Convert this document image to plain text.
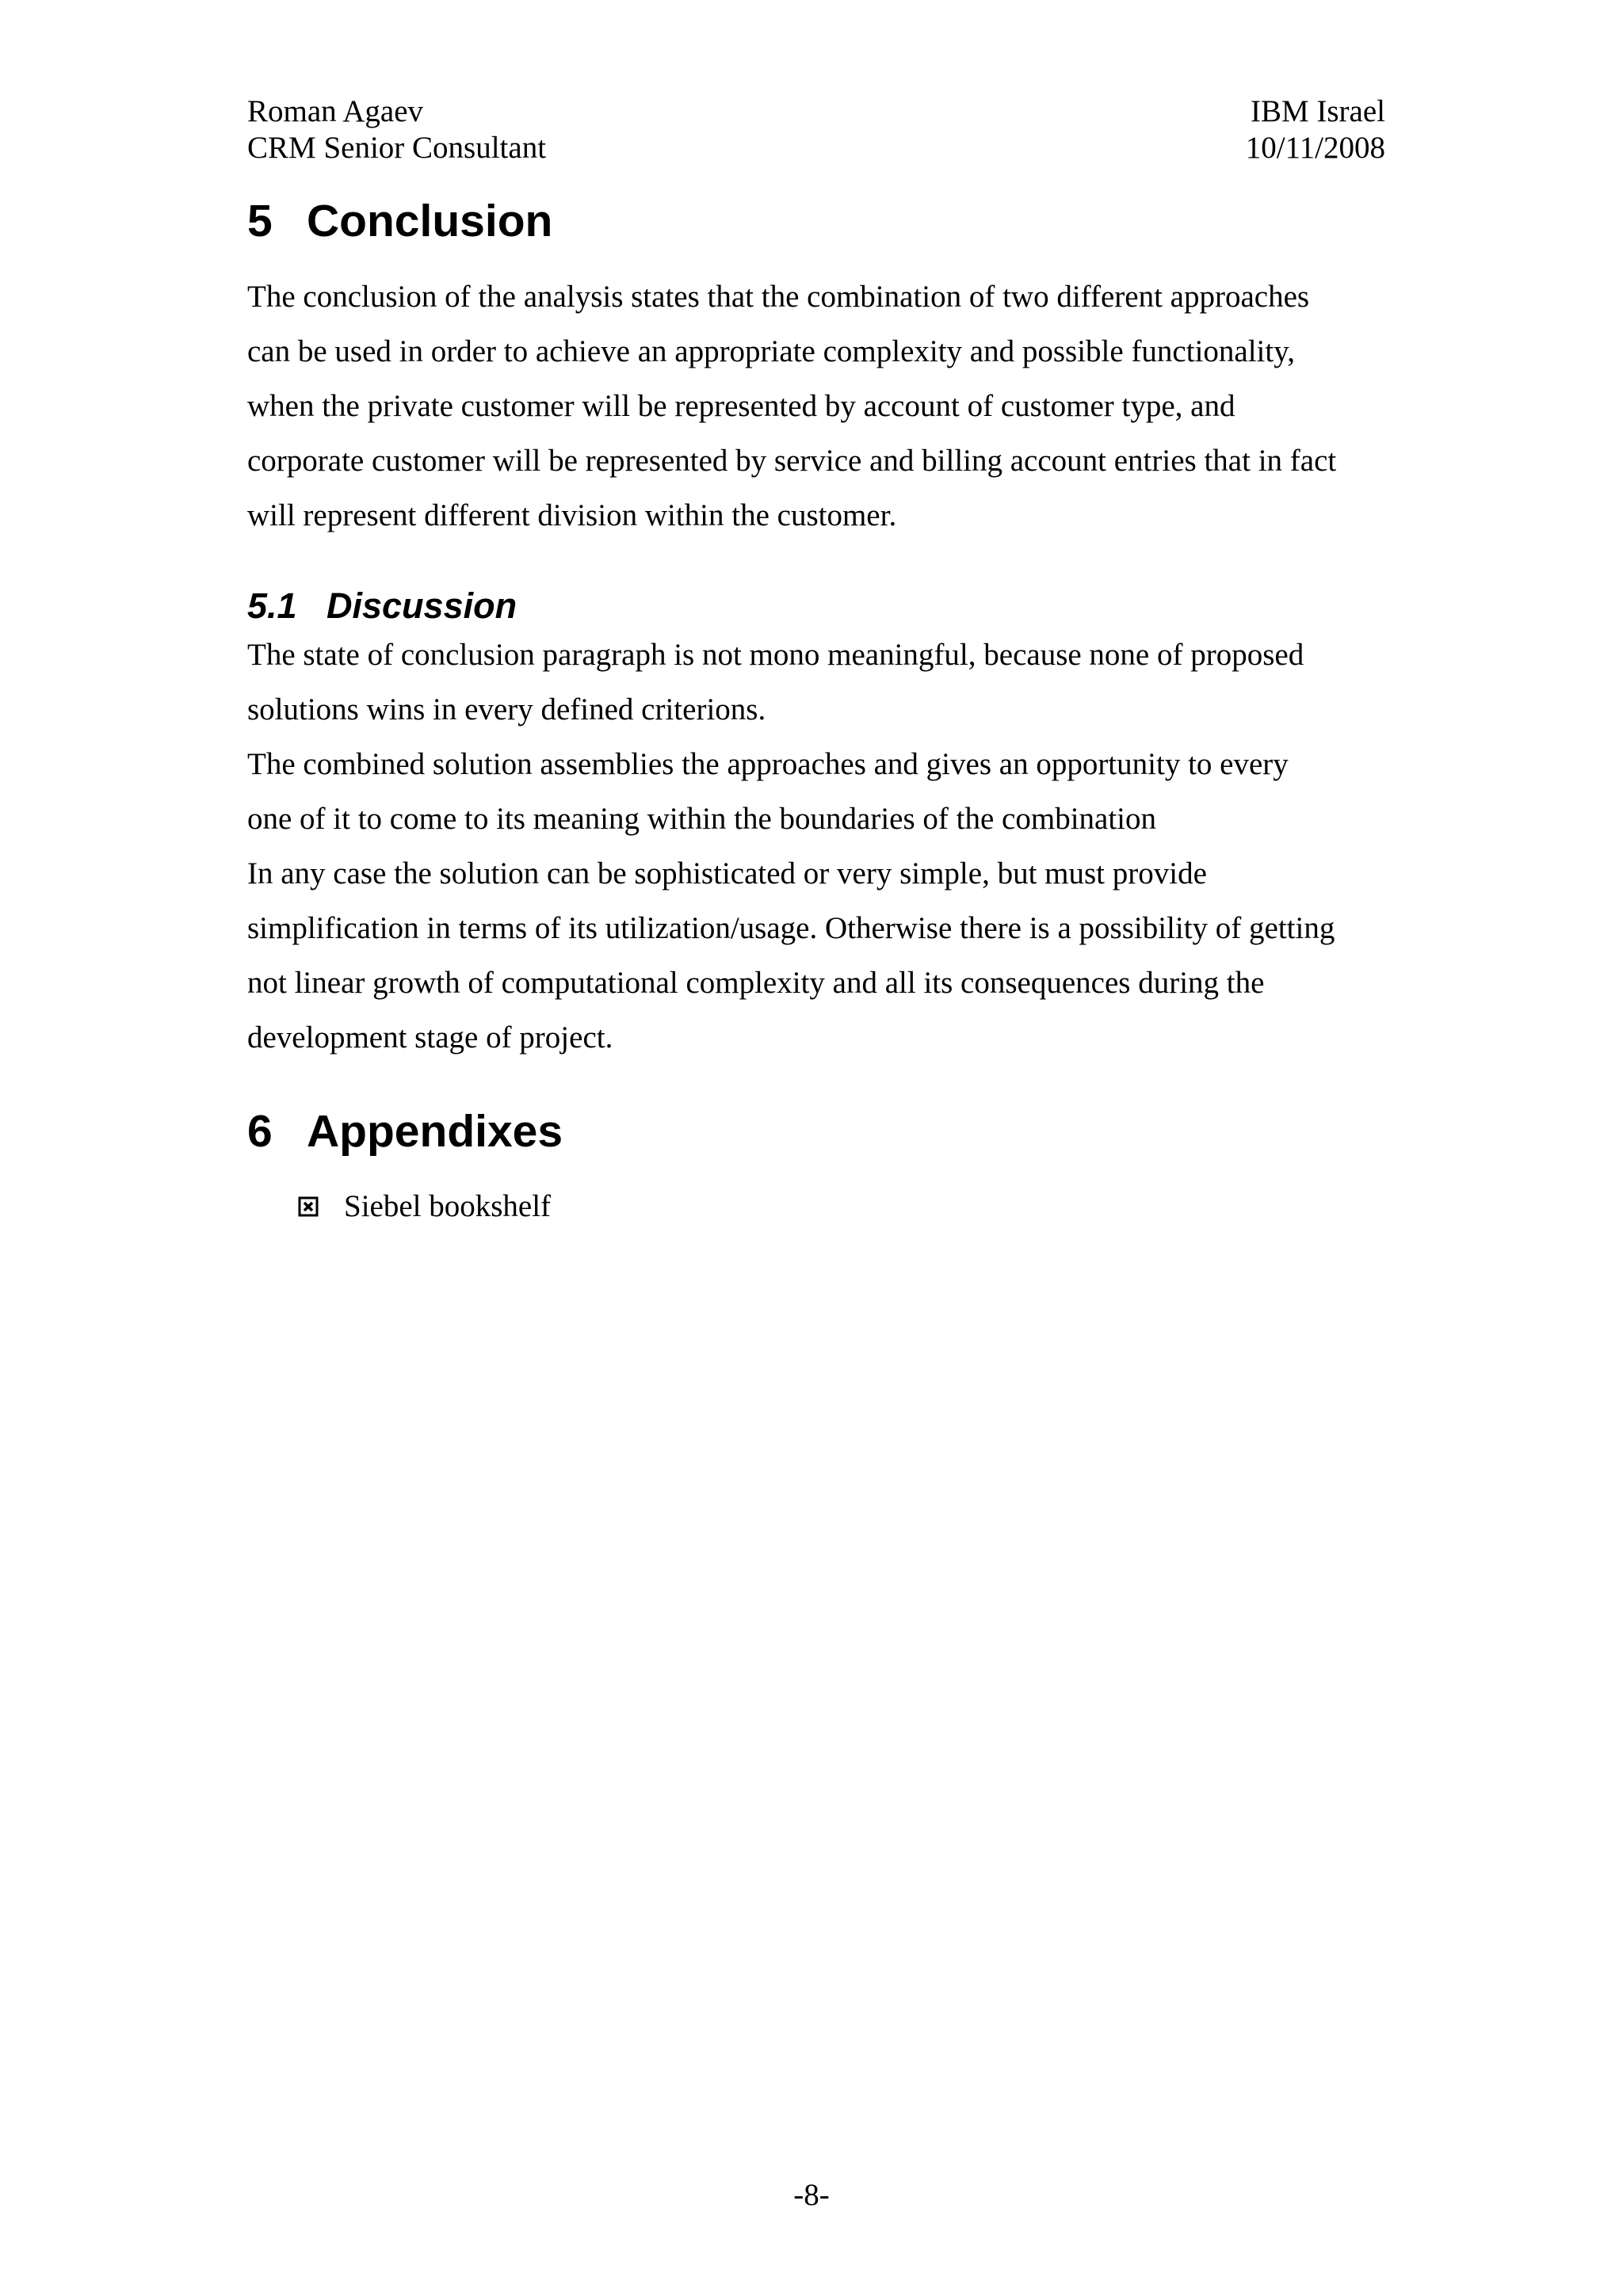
Roman Agaev
CRM Senior Consultant
IBM Israel
10/11/2008
5 Conclusion
The conclusion of the analysis states that the combination of two different approaches
can be used in order to achieve an appropriate complexity and possible functionality,
when the private customer will be represented by account of customer type, and
corporate customer will be represented by service and billing account entries that in fact
will represent different division within the customer.
5.1 Discussion
The state of conclusion paragraph is not mono meaningful, because none of proposed
solutions wins in every defined criterions.
The combined solution assemblies the approaches and gives an opportunity to every
one of it to come to its meaning within the boundaries of the combination
In any case the solution can be sophisticated or very simple, but must provide
simplification in terms of its utilization/usage. Otherwise there is a possibility of getting
not linear growth of computational complexity and all its consequences during the
development stage of project.
6 Appendixes
Siebel bookshelf
-8-
